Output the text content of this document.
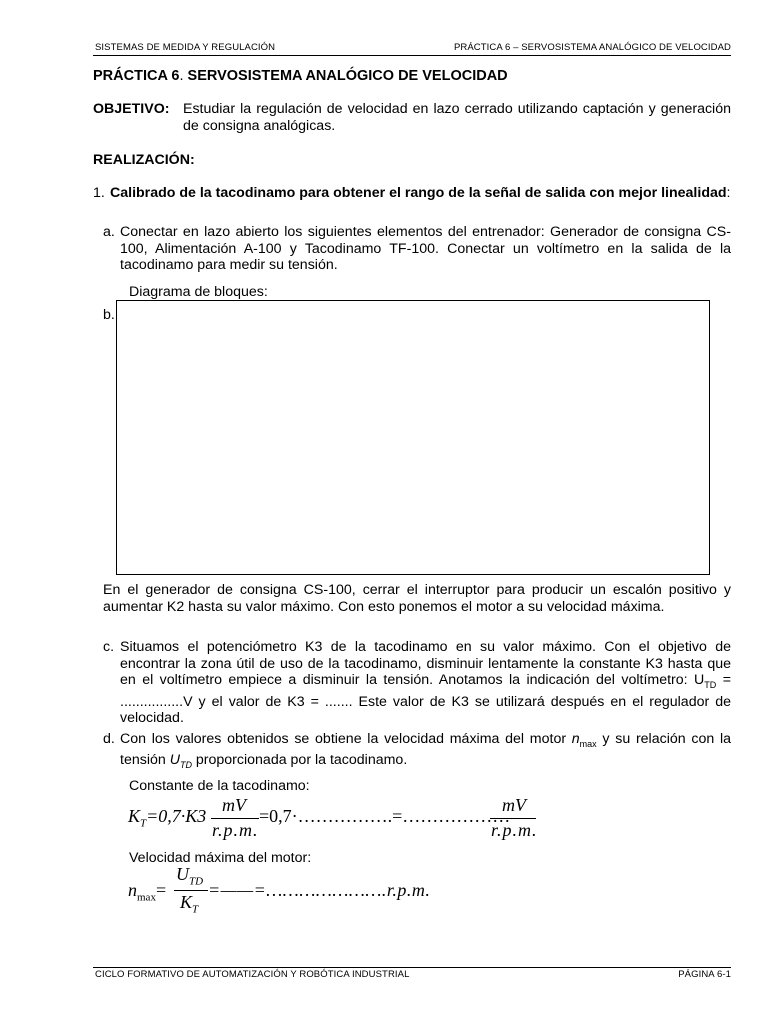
SISTEMAS DE MEDIDA Y REGULACIÓN	PRÁCTICA 6 – SERVOSISTEMA ANALÓGICO DE VELOCIDAD
PRÁCTICA 6. SERVOSISTEMA ANALÓGICO DE VELOCIDAD
OBJETIVO: Estudiar la regulación de velocidad en lazo cerrado utilizando captación y generación de consigna analógicas.
REALIZACIÓN:
1. Calibrado de la tacodinamo para obtener el rango de la señal de salida con mejor linealidad:
a. Conectar en lazo abierto los siguientes elementos del entrenador: Generador de consigna CS-100, Alimentación A-100 y Tacodinamo TF-100. Conectar un voltímetro en la salida de la tacodinamo para medir su tensión.
Diagrama de bloques:
b.
En el generador de consigna CS-100, cerrar el interruptor para producir un escalón positivo y aumentar K2 hasta su valor máximo. Con esto ponemos el motor a su velocidad máxima.
c. Situamos el potenciómetro K3 de la tacodinamo en su valor máximo. Con el objetivo de encontrar la zona útil de uso de la tacodinamo, disminuir lentamente la constante K3 hasta que en el voltímetro empiece a disminuir la tensión. Anotamos la indicación del voltímetro: $U_{TD} = ................V$ y el valor de K3 = ....... Este valor de K3 se utilizará después en el regulador de velocidad.
d. Con los valores obtenidos se obtiene la velocidad máxima del motor $n_{max}$ y su relación con la tensión $U_{TD}$ proporcionada por la tacodinamo.
Constante de la tacodinamo:
$K_T=0,7\cdot K3$
mV
r.p.m.
=0,7·…………….=………………
mV
r.p.m.
Velocidad máxima del motor:
$n_{max}=$
$U_{TD}$
$K_T$
=——=………………….r.p.m.
CICLO FORMATIVO DE AUTOMATIZACIÓN Y ROBÓTICA INDUSTRIAL	PÁGINA 6-1
